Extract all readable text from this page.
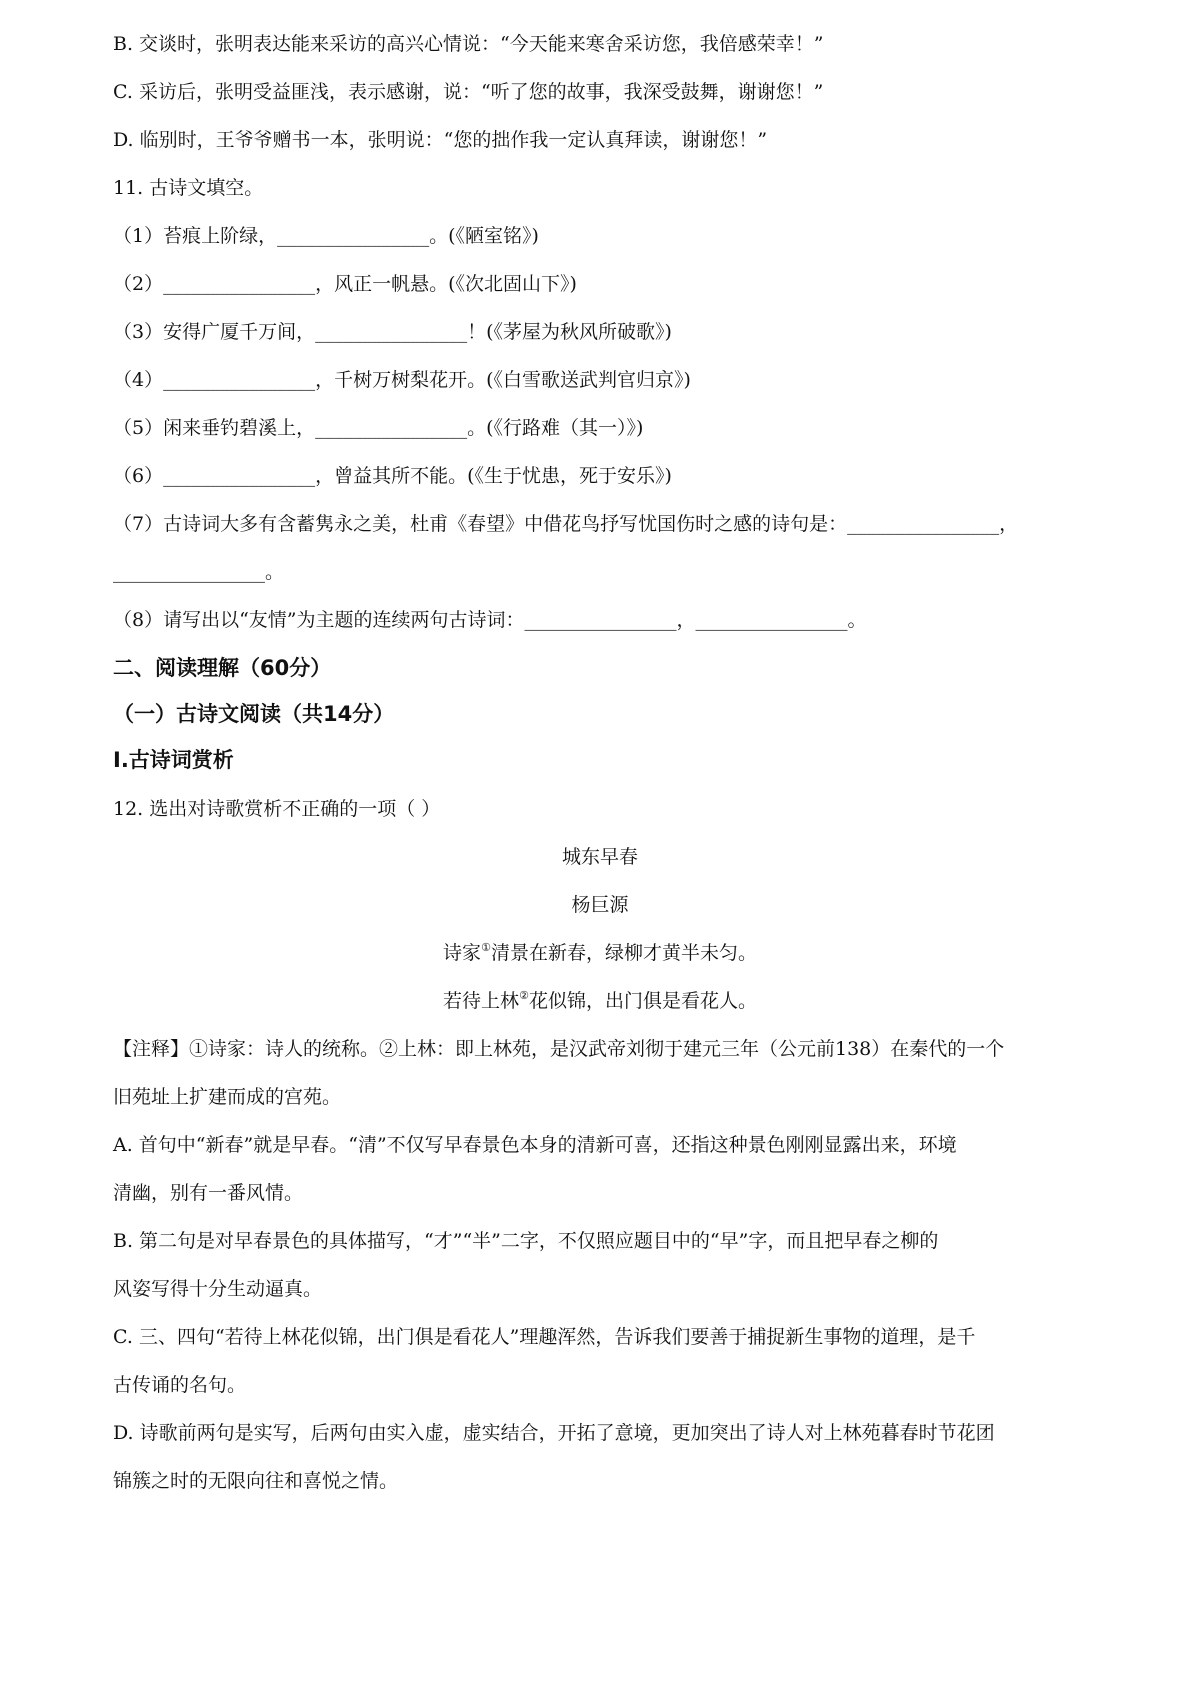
B. 交谈时，张明表达能来采访的高兴心情说：“今天能来寒舍采访您，我倍感荣幸！”
C. 采访后，张明受益匪浅，表示感谢，说：“听了您的故事，我深受鼓舞，谢谢您！”
D. 临别时，王爷爷赠书一本，张明说：“您的拙作我一定认真拜读，谢谢您！”
11. 古诗文填空。
（1）苔痕上阶绿，________________。(《陋室铭》)
（2）________________，风正一帆悬。(《次北固山下》)
（3）安得广厦千万间，________________！(《茅屋为秋风所破歌》)
（4）________________，千树万树梨花开。(《白雪歌送武判官归京》)
（5）闲来垂钓碧溪上，________________。(《行路难（其一）》)
（6）________________，曾益其所不能。(《生于忧患，死于安乐》)
（7）古诗词大多有含蓄隽永之美，杜甫《春望》中借花鸟抒写忧国伤时之感的诗句是：________________，
________________。
（8）请写出以“友情”为主题的连续两句古诗词：________________，________________。
二、阅读理解（60分）
（一）古诗文阅读（共14分）
Ⅰ.古诗词赏析
12. 选出对诗歌赏析不正确的一项（ ）
城东早春
杨巨源
诗家①清景在新春，绿柳才黄半未匀。
若待上林②花似锦，出门俱是看花人。
【注释】①诗家：诗人的统称。②上林：即上林苑，是汉武帝刘彻于建元三年（公元前138）在秦代的一个
旧苑址上扩建而成的宫苑。
A. 首句中“新春”就是早春。“清”不仅写早春景色本身的清新可喜，还指这种景色刚刚显露出来，环境
清幽，别有一番风情。
B. 第二句是对早春景色的具体描写，“才”“半”二字，不仅照应题目中的“早”字，而且把早春之柳的
风姿写得十分生动逼真。
C. 三、四句“若待上林花似锦，出门俱是看花人”理趣浑然，告诉我们要善于捕捉新生事物的道理，是千
古传诵的名句。
D. 诗歌前两句是实写，后两句由实入虚，虚实结合，开拓了意境，更加突出了诗人对上林苑暮春时节花团
锦簇之时的无限向往和喜悦之情。
